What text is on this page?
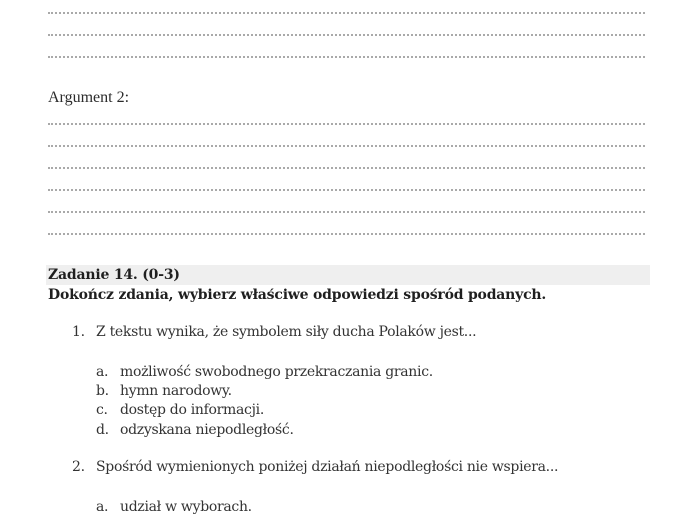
Argument 2:
Zadanie 14. (0-3)
Dokończ zdania, wybierz właściwe odpowiedzi spośród podanych.
1. Z tekstu wynika, że symbolem siły ducha Polaków jest...
a. możliwość swobodnego przekraczania granic.
b. hymn narodowy.
c. dostęp do informacji.
d. odzyskana niepodległość.
2. Spośród wymienionych poniżej działań niepodległości nie wspiera...
a. udział w wyborach.
